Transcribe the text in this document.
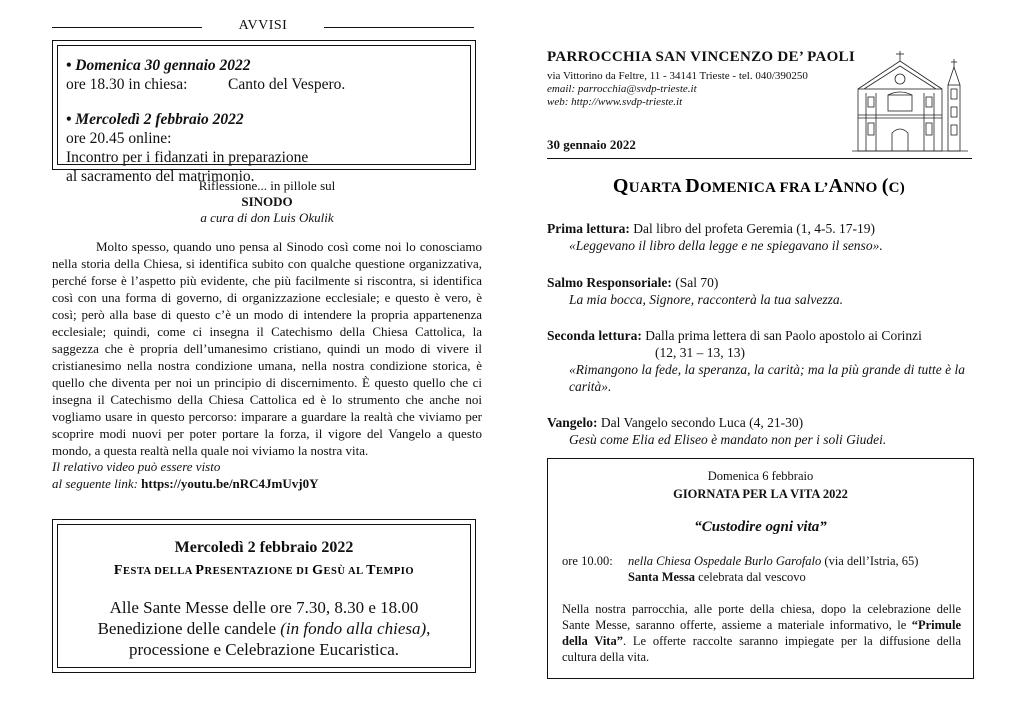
AVVISI
• Domenica 30 gennaio 2022
ore 18.30 in chiesa:	Canto del Vespero.
• Mercoledì 2 febbraio 2022
ore 20.45 online:Incontro per i fidanzati in preparazione
al sacramento del matrimonio.
Riflessione... in pillole sul
SINODO
a cura di don Luis Okulik

Molto spesso, quando uno pensa al Sinodo così come noi lo conosciamo nella storia della Chiesa, si identifica subito con qualche questione organizzativa, perché forse è l’aspetto più evidente, che più facilmente si riscontra, si identifica così con una forma di governo, di organizzazione ecclesiale; e questo è vero, è così; però alla base di questo c’è un modo di intendere la propria appartenenza ecclesiale; quindi, come ci insegna il Catechismo della Chiesa Cattolica, la saggezza che è propria dell’umanesimo cristiano, quindi un modo di vivere il cristianesimo nella nostra condizione umana, nella nostra condizione storica, è quello che diventa per noi un principio di discernimento. È questo quello che ci insegna il Catechismo della Chiesa Cattolica ed è lo strumento che anche noi vogliamo usare in questo percorso: imparare a guardare la realtà che viviamo per scoprire modi nuovi per poter portare la forza, il vigore del Vangelo a questo mondo, a questa realtà nella quale noi viviamo la nostra vita.

Il relativo video può essere visto
al seguente link: https://youtu.be/nRC4JmUvj0Y
Mercoledì 2 febbraio 2022
FESTA DELLA PRESENTAZIONE DI GESÙ AL TEMPIO
Alle Sante Messe delle ore 7.30, 8.30 e 18.00
Benedizione delle candele (in fondo alla chiesa),
processione e Celebrazione Eucaristica.
PARROCCHIA SAN VINCENZO DE’ PAOLI
via Vittorino da Feltre, 11 - 34141 Trieste - tel. 040/390250
email: parrocchia@svdp-trieste.it
web: http://www.svdp-trieste.it
30 gennaio 2022
QUARTA DOMENICA FRA L’ANNO (C)
Prima lettura: Dal libro del profeta Geremia (1, 4-5. 17-19)
«Leggevano il libro della legge e ne spiegavano il senso».
Salmo Responsoriale: (Sal 70)
La mia bocca, Signore, racconterà la tua salvezza.
Seconda lettura: Dalla prima lettera di san Paolo apostolo ai Corinzi
(12, 31 – 13, 13)
«Rimangono la fede, la speranza, la carità; ma la più grande di tutte è la carità».
Vangelo: Dal Vangelo secondo Luca (4, 21-30)
Gesù come Elia ed Eliseo è mandato non per i soli Giudei.
Domenica 6 febbraio
GIORNATA PER LA VITA 2022
“Custodire ogni vita”
ore 10.00: nella Chiesa Ospedale Burlo Garofalo (via dell’Istria, 65)
Santa Messa celebrata dal vescovo
Nella nostra parrocchia, alle porte della chiesa, dopo la celebrazione delle Sante Messe, saranno offerte, assieme a materiale informativo, le “Primule della Vita”. Le offerte raccolte saranno impiegate per la diffusione della cultura della vita.
